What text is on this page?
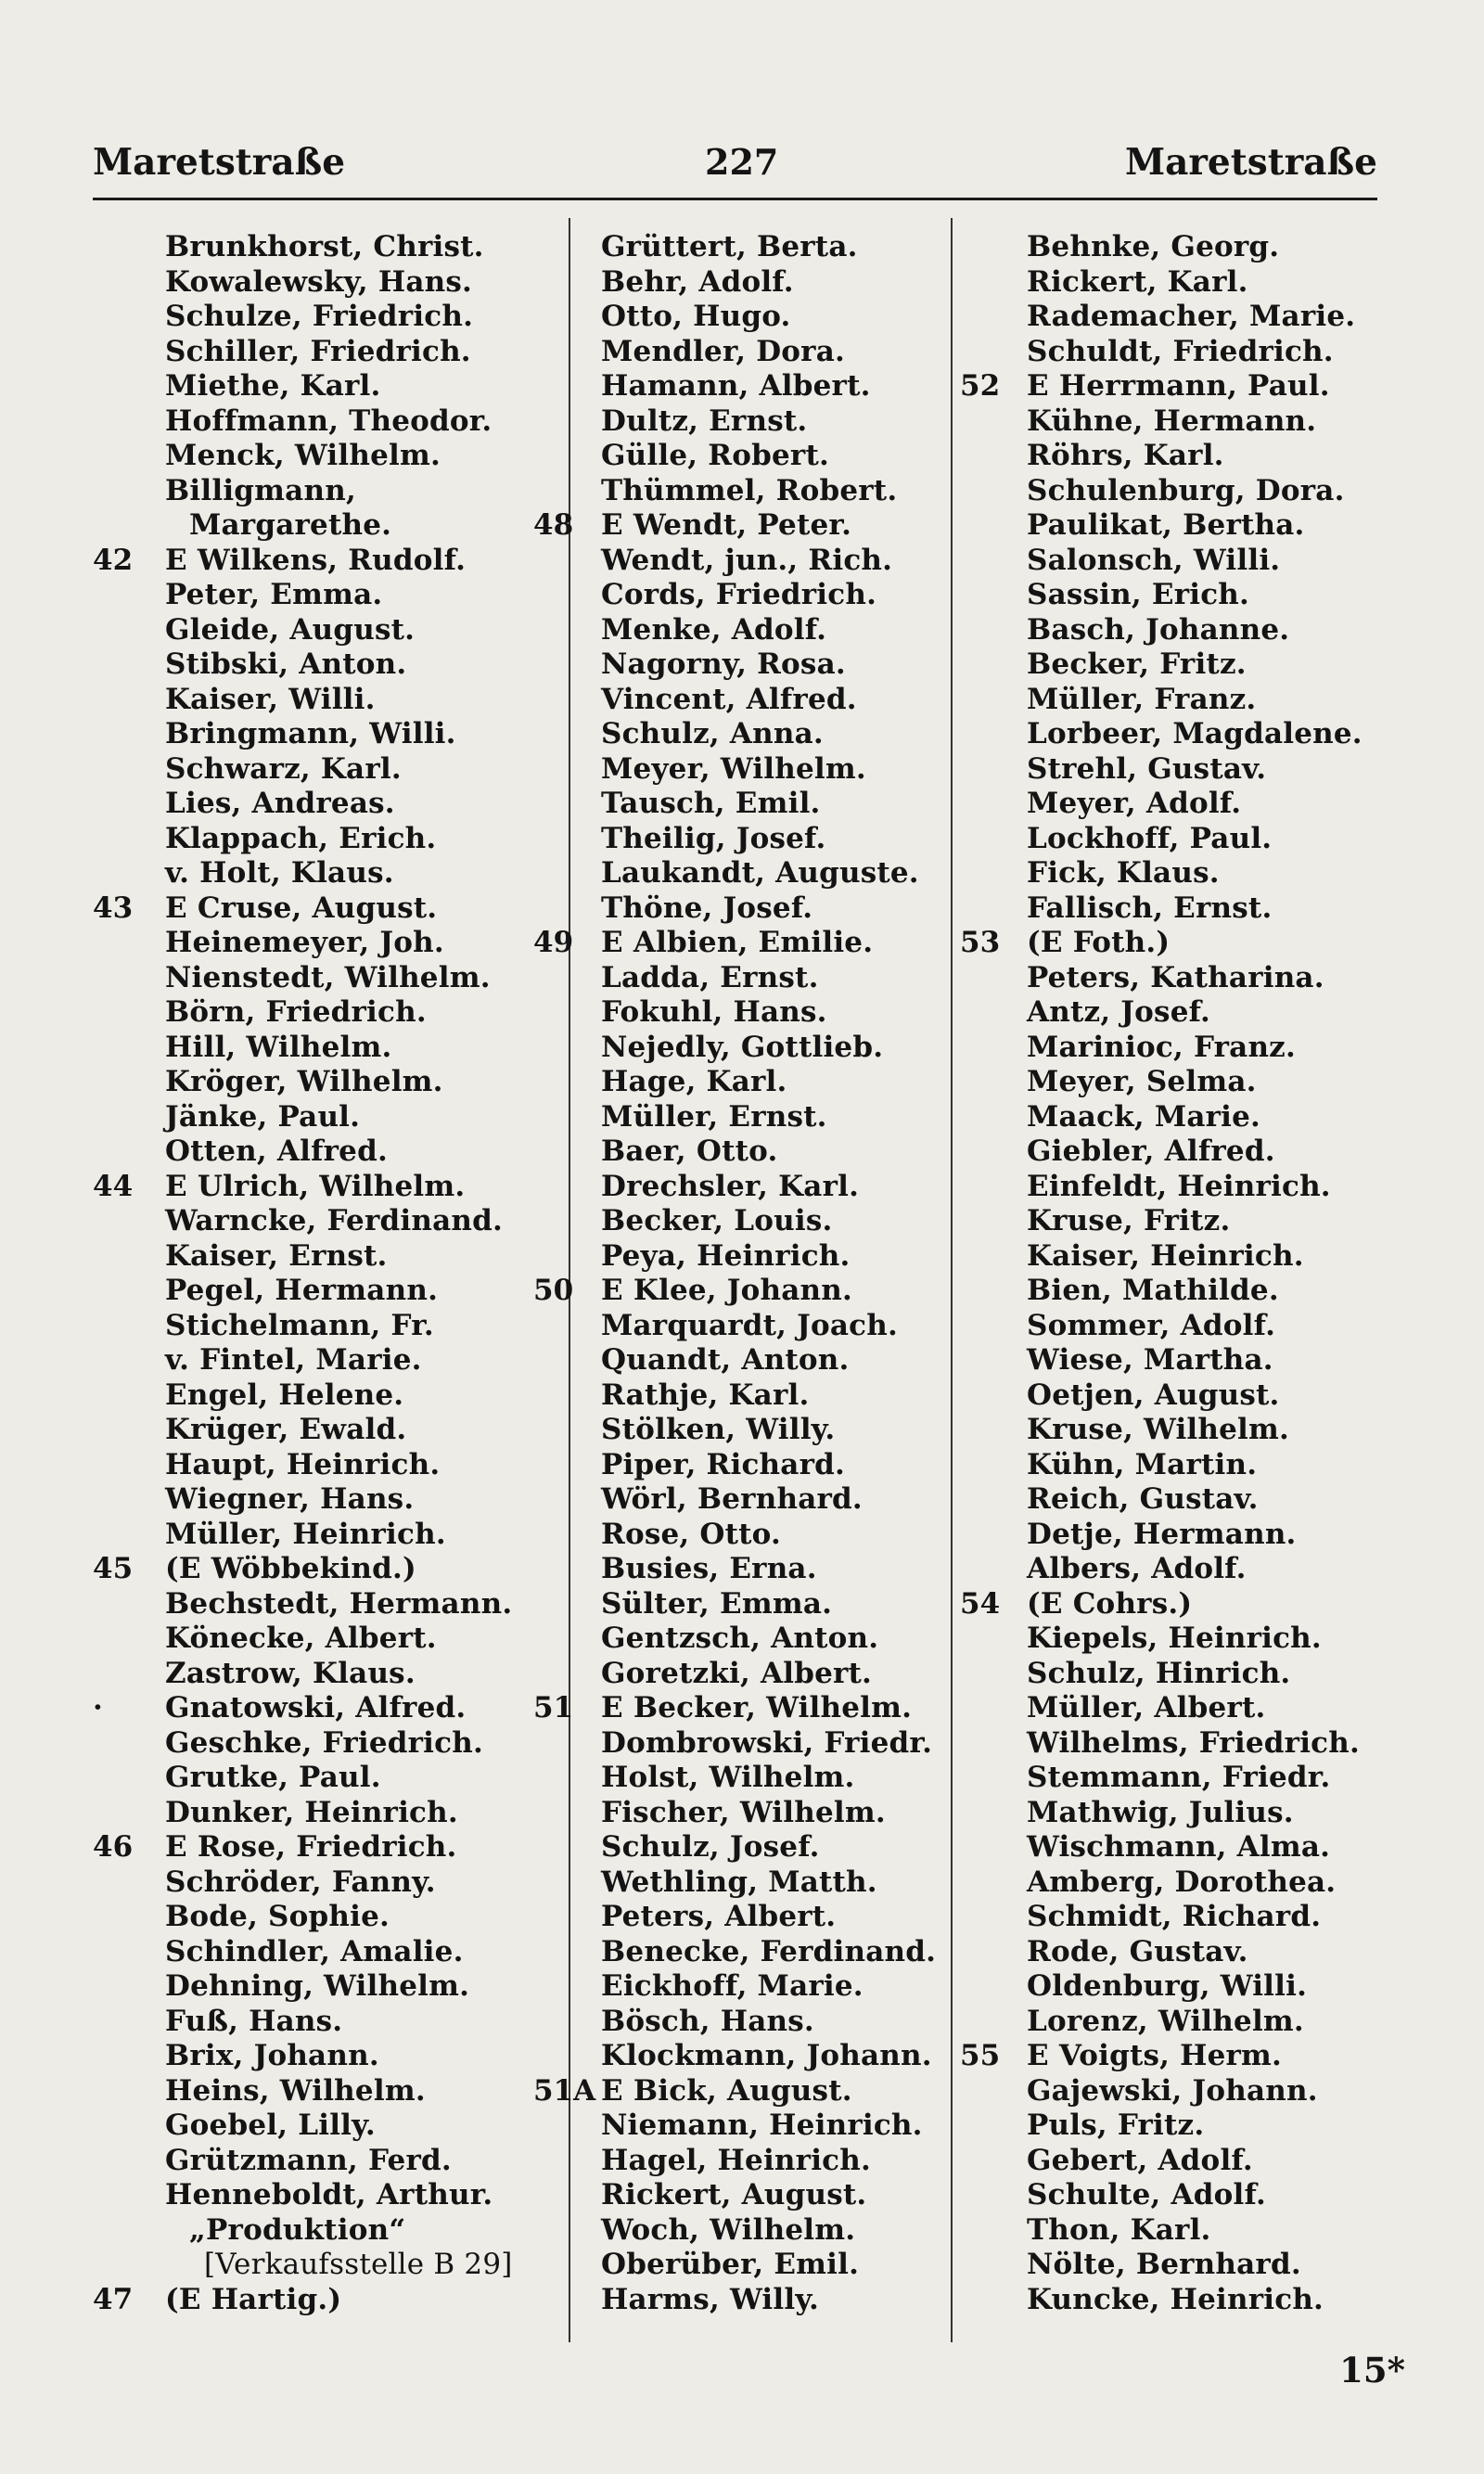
Maretstraße	227	Maretstraße
Brunkhorst, Christ.
Kowalewsky, Hans.
Schulze, Friedrich.
Schiller, Friedrich.
Miethe, Karl.
Hoffmann, Theodor.
Menck, Wilhelm.
Billigmann,
Margarethe.
42 E Wilkens, Rudolf.
Peter, Emma.
Gleide, August.
Stibski, Anton.
Kaiser, Willi.
Bringmann, Willi.
Schwarz, Karl.
Lies, Andreas.
Klappach, Erich.
v. Holt, Klaus.
43 E Cruse, August.
Heinemeyer, Joh.
Nienstedt, Wilhelm.
Börn, Friedrich.
Hill, Wilhelm.
Kröger, Wilhelm.
Jänke, Paul.
Otten, Alfred.
44 E Ulrich, Wilhelm.
Warncke, Ferdinand.
Kaiser, Ernst.
Pegel, Hermann.
Stichelmann, Fr.
v. Fintel, Marie.
Engel, Helene.
Krüger, Ewald.
Haupt, Heinrich.
Wiegner, Hans.
Müller, Heinrich.
45 (E Wöbbekind.)
Bechstedt, Hermann.
Könecke, Albert.
Zastrow, Klaus.
· Gnatowski, Alfred.
Geschke, Friedrich.
Grutke, Paul.
Dunker, Heinrich.
46 E Rose, Friedrich.
Schröder, Fanny.
Bode, Sophie.
Schindler, Amalie.
Dehning, Wilhelm.
Fuß, Hans.
Brix, Johann.
Heins, Wilhelm.
Goebel, Lilly.
Grützmann, Ferd.
Henneboldt, Arthur.
„Produktion“
[Verkaufsstelle B 29]
47 (E Hartig.)
Grüttert, Berta.
Behr, Adolf.
Otto, Hugo.
Mendler, Dora.
Hamann, Albert.
Dultz, Ernst.
Gülle, Robert.
Thümmel, Robert.
48 E Wendt, Peter.
Wendt, jun., Rich.
Cords, Friedrich.
Menke, Adolf.
Nagorny, Rosa.
Vincent, Alfred.
Schulz, Anna.
Meyer, Wilhelm.
Tausch, Emil.
Theilig, Josef.
Laukandt, Auguste.
Thöne, Josef.
49 E Albien, Emilie.
Ladda, Ernst.
Fokuhl, Hans.
Nejedly, Gottlieb.
Hage, Karl.
Müller, Ernst.
Baer, Otto.
Drechsler, Karl.
Becker, Louis.
Peya, Heinrich.
50 E Klee, Johann.
Marquardt, Joach.
Quandt, Anton.
Rathje, Karl.
Stölken, Willy.
Piper, Richard.
Wörl, Bernhard.
Rose, Otto.
Busies, Erna.
Sülter, Emma.
Gentzsch, Anton.
Goretzki, Albert.
51 E Becker, Wilhelm.
Dombrowski, Friedr.
Holst, Wilhelm.
Fischer, Wilhelm.
Schulz, Josef.
Wethling, Matth.
Peters, Albert.
Benecke, Ferdinand.
Eickhoff, Marie.
Bösch, Hans.
Klockmann, Johann.
51A E Bick, August.
Niemann, Heinrich.
Hagel, Heinrich.
Rickert, August.
Woch, Wilhelm.
Oberüber, Emil.
Harms, Willy.
Behnke, Georg.
Rickert, Karl.
Rademacher, Marie.
Schuldt, Friedrich.
52 E Herrmann, Paul.
Kühne, Hermann.
Röhrs, Karl.
Schulenburg, Dora.
Paulikat, Bertha.
Salonsch, Willi.
Sassin, Erich.
Basch, Johanne.
Becker, Fritz.
Müller, Franz.
Lorbeer, Magdalene.
Strehl, Gustav.
Meyer, Adolf.
Lockhoff, Paul.
Fick, Klaus.
Fallisch, Ernst.
53 (E Foth.)
Peters, Katharina.
Antz, Josef.
Marinioc, Franz.
Meyer, Selma.
Maack, Marie.
Giebler, Alfred.
Einfeldt, Heinrich.
Kruse, Fritz.
Kaiser, Heinrich.
Bien, Mathilde.
Sommer, Adolf.
Wiese, Martha.
Oetjen, August.
Kruse, Wilhelm.
Kühn, Martin.
Reich, Gustav.
Detje, Hermann.
Albers, Adolf.
54 (E Cohrs.)
Kiepels, Heinrich.
Schulz, Hinrich.
Müller, Albert.
Wilhelms, Friedrich.
Stemmann, Friedr.
Mathwig, Julius.
Wischmann, Alma.
Amberg, Dorothea.
Schmidt, Richard.
Rode, Gustav.
Oldenburg, Willi.
Lorenz, Wilhelm.
55 E Voigts, Herm.
Gajewski, Johann.
Puls, Fritz.
Gebert, Adolf.
Schulte, Adolf.
Thon, Karl.
Nölte, Bernhard.
Kuncke, Heinrich.
15*
